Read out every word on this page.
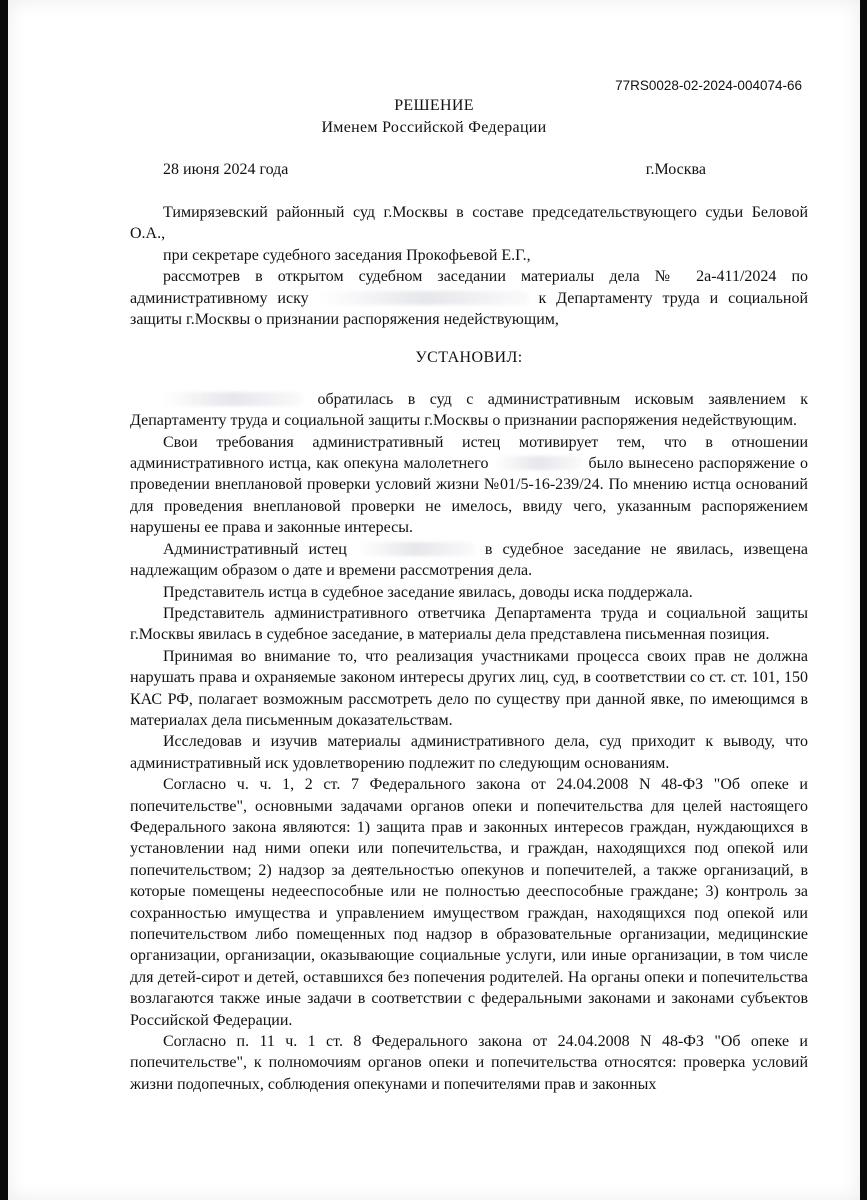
77RS0028-02-2024-004074-66
РЕШЕНИЕ
Именем Российской Федерации
28 июня 2024 года	г.Москва

Тимирязевский районный суд г.Москвы в составе председательствующего судьи Беловой О.А.,

при секретаре судебного заседания Прокофьевой Е.Г.,

рассмотрев в открытом судебном заседании материалы дела № 2а-411/2024 по административному иску	к Департаменту труда и социальной защиты г.Москвы о признании распоряжения недействующим,

УСТАНОВИЛ:

обратилась в суд с административным исковым заявлением к Департаменту труда и социальной защиты г.Москвы о признании распоряжения недействующим.

Свои требования административный истец мотивирует тем, что в отношении административного истца, как опекуна малолетнего	было вынесено распоряжение о проведении внеплановой проверки условий жизни №01/5-16-239/24. По мнению истца оснований для проведения внеплановой проверки не имелось, ввиду чего, указанным распоряжением нарушены ее права и законные интересы.

Административный истец	в судебное заседание не явилась, извещена надлежащим образом о дате и времени рассмотрения дела.

Представитель истца в судебное заседание явилась, доводы иска поддержала.

Представитель административного ответчика Департамента труда и социальной защиты г.Москвы явилась в судебное заседание, в материалы дела представлена письменная позиция.

Принимая во внимание то, что реализация участниками процесса своих прав не должна нарушать права и охраняемые законом интересы других лиц, суд, в соответствии со ст. ст. 101, 150 КАС РФ, полагает возможным рассмотреть дело по существу при данной явке, по имеющимся в материалах дела письменным доказательствам.

Исследовав и изучив материалы административного дела, суд приходит к выводу, что административный иск удовлетворению подлежит по следующим основаниям.

Согласно ч. ч. 1, 2 ст. 7 Федерального закона от 24.04.2008 N 48-ФЗ "Об опеке и попечительстве", основными задачами органов опеки и попечительства для целей настоящего Федерального закона являются: 1) защита прав и законных интересов граждан, нуждающихся в установлении над ними опеки или попечительства, и граждан, находящихся под опекой или попечительством; 2) надзор за деятельностью опекунов и попечителей, а также организаций, в которые помещены недееспособные или не полностью дееспособные граждане; 3) контроль за сохранностью имущества и управлением имуществом граждан, находящихся под опекой или попечительством либо помещенных под надзор в образовательные организации, медицинские организации, организации, оказывающие социальные услуги, или иные организации, в том числе для детей-сирот и детей, оставшихся без попечения родителей. На органы опеки и попечительства возлагаются также иные задачи в соответствии с федеральными законами и законами субъектов Российской Федерации.

Согласно п. 11 ч. 1 ст. 8 Федерального закона от 24.04.2008 N 48-ФЗ "Об опеке и попечительстве", к полномочиям органов опеки и попечительства относятся: проверка условий жизни подопечных, соблюдения опекунами и попечителями прав и законных
